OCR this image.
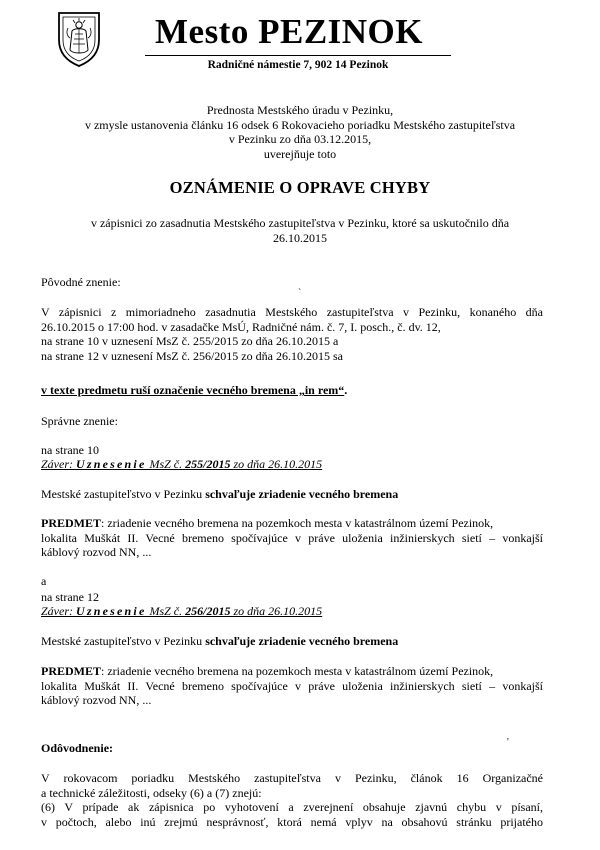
Mesto PEZINOK
Radničné námestie 7, 902 14 Pezinok
Prednosta Mestského úradu v Pezinku,
v zmysle ustanovenia článku 16 odsek 6 Rokovacieho poriadku Mestského zastupiteľstva
v Pezinku zo dňa 03.12.2015,
uverejňuje toto
OZNÁMENIE O OPRAVE CHYBY
v zápisnici zo zasadnutia Mestského zastupiteľstva v Pezinku, ktoré sa uskutočnilo dňa
26.10.2015
Pôvodné znenie:
`
V zápisnici z mimoriadneho zasadnutia Mestského zastupiteľstva v Pezinku, konaného dňa
26.10.2015 o 17:00 hod. v zasadačke MsÚ, Radničné nám. č. 7, I. posch., č. dv. 12,
na strane 10 v uznesení MsZ č. 255/2015 zo dňa 26.10.2015 a
na strane 12 v uznesení MsZ č. 256/2015 zo dňa 26.10.2015 sa
v texte predmetu ruší označenie vecného bremena „in rem“.
Správne znenie:
na strane 10
Záver: Uznesenie MsZ č. 255/2015 zo dňa 26.10.2015
Mestské zastupiteľstvo v Pezinku schvaľuje zriadenie vecného bremena
PREDMET: zriadenie vecného bremena na pozemkoch mesta v katastrálnom území Pezinok,
lokalita Muškát II. Vecné bremeno spočívajúce v práve uloženia inžinierskych sietí – vonkajší
káblový rozvod NN, ...
a
na strane 12
Záver: Uznesenie MsZ č. 256/2015 zo dňa 26.10.2015
Mestské zastupiteľstvo v Pezinku schvaľuje zriadenie vecného bremena
PREDMET: zriadenie vecného bremena na pozemkoch mesta v katastrálnom území Pezinok,
lokalita Muškát II. Vecné bremeno spočívajúce v práve uloženia inžinierskych sietí – vonkajší
káblový rozvod NN, ...
Odôvodnenie:	'
V rokovacom poriadku Mestského zastupiteľstva v Pezinku, článok 16 Organizačné
a technické záležitosti, odseky (6) a (7) znejú:
(6) V prípade ak zápisnica po vyhotovení a zverejnení obsahuje zjavnú chybu v písaní,
v počtoch, alebo inú zrejmú nesprávnosť, ktorá nemá vplyv na obsahovú stránku prijatého
